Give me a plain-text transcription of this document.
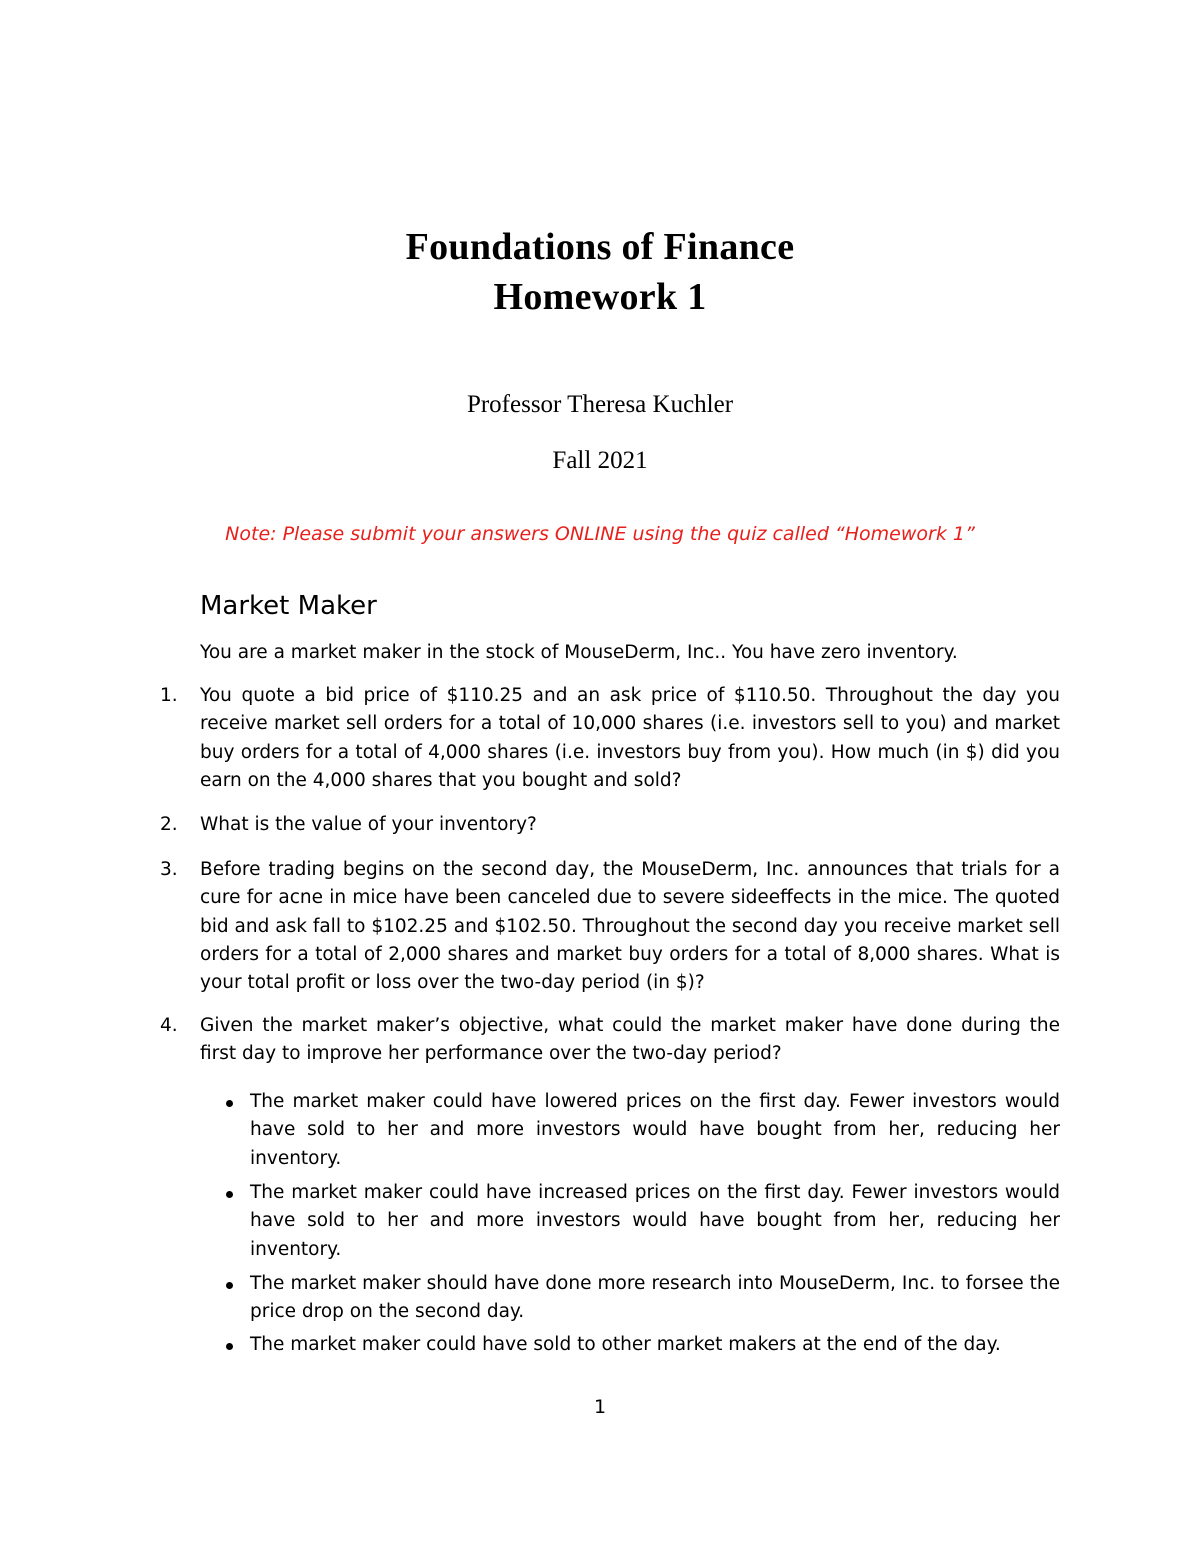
Foundations of Finance
Homework 1
Professor Theresa Kuchler
Fall 2021
Note: Please submit your answers ONLINE using the quiz called “Homework 1”
Market Maker
You are a market maker in the stock of MouseDerm, Inc.. You have zero inventory.
1.	You quote a bid price of $110.25 and an ask price of $110.50. Throughout the day you receive market sell orders for a total of 10,000 shares (i.e. investors sell to you) and market buy orders for a total of 4,000 shares (i.e. investors buy from you). How much (in $) did you earn on the 4,000 shares that you bought and sold?
2.	What is the value of your inventory?
3.	Before trading begins on the second day, the MouseDerm, Inc. announces that trials for a cure for acne in mice have been canceled due to severe sideeffects in the mice. The quoted bid and ask fall to $102.25 and $102.50. Throughout the second day you receive market sell orders for a total of 2,000 shares and market buy orders for a total of 8,000 shares. What is your total profit or loss over the two-day period (in $)?
4.	Given the market maker’s objective, what could the market maker have done during the first day to improve her performance over the two-day period?
The market maker could have lowered prices on the first day. Fewer investors would have sold to her and more investors would have bought from her, reducing her inventory.
The market maker could have increased prices on the first day. Fewer investors would have sold to her and more investors would have bought from her, reducing her inventory.
The market maker should have done more research into MouseDerm, Inc. to forsee the price drop on the second day.
The market maker could have sold to other market makers at the end of the day.
1
